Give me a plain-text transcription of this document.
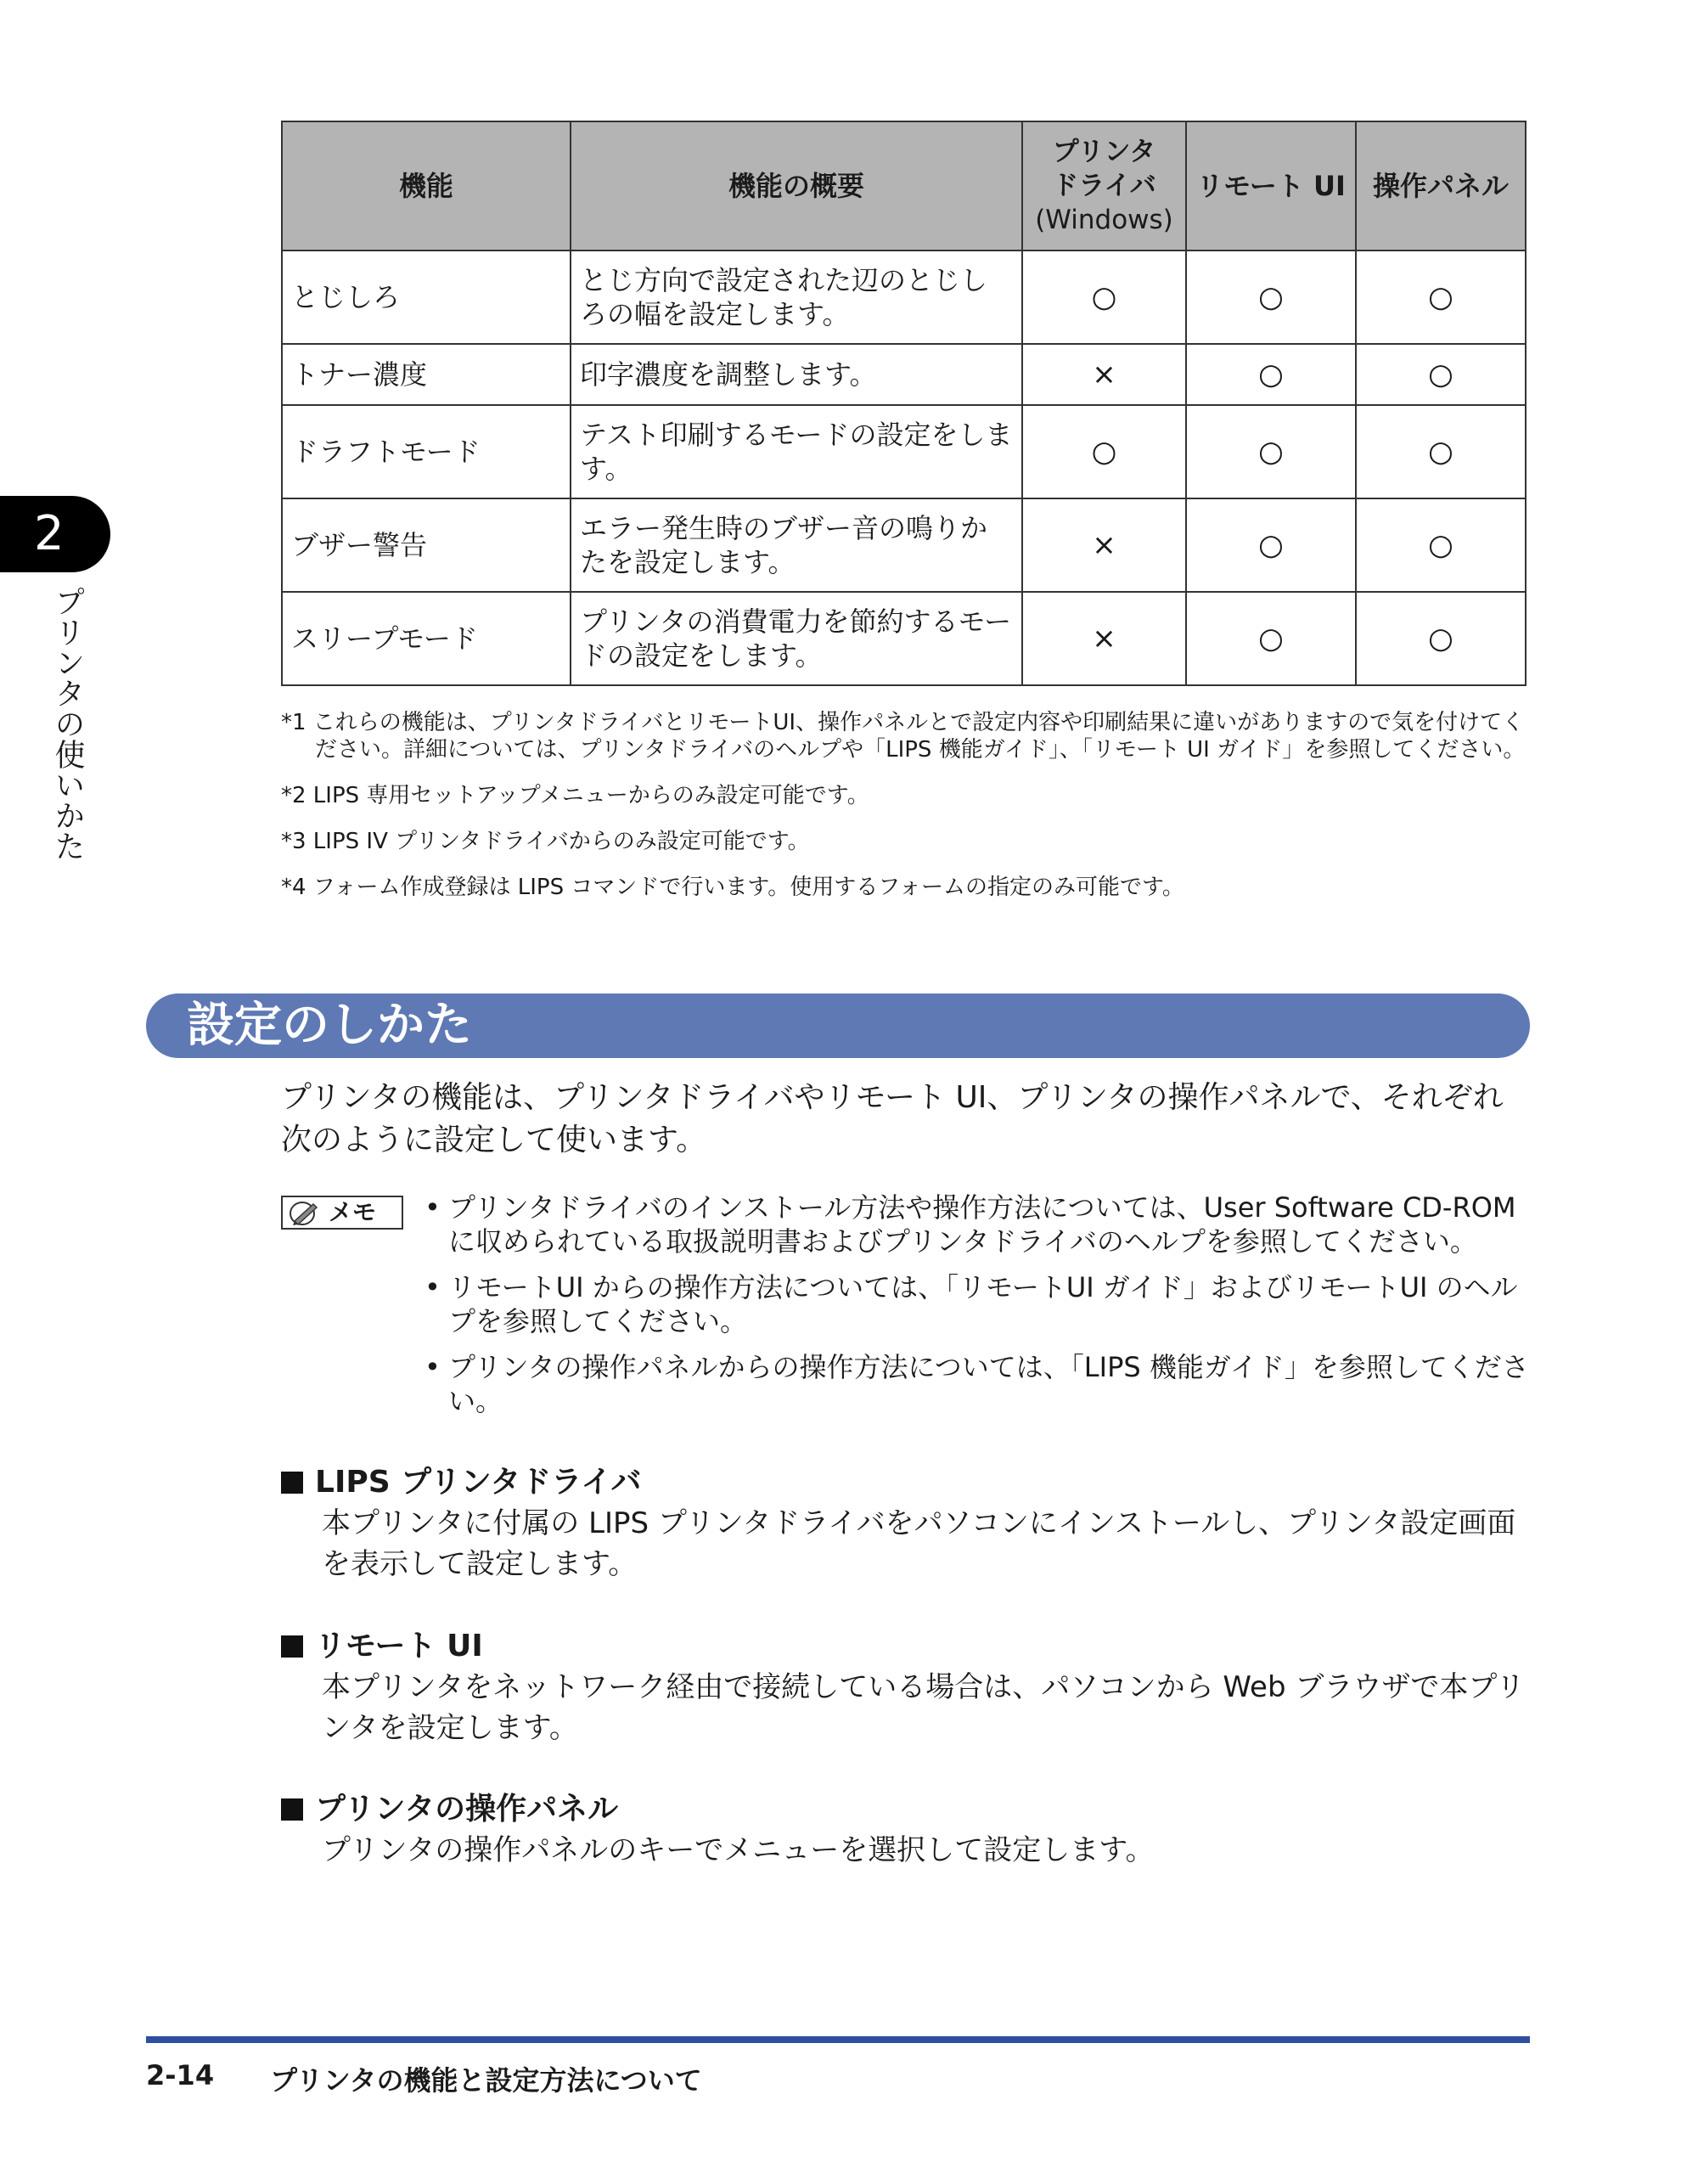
機能	機能の概要	プリンタ
ドライバ
(Windows)	リモート UI	操作パネル
とじしろ	とじ方向で設定された辺のとじしろの幅を設定します。	○	○	○
トナー濃度	印字濃度を調整します。	×	○	○
ドラフトモード	テスト印刷するモードの設定をします。	○	○	○
ブザー警告	エラー発生時のブザー音の鳴りかたを設定します。	×	○	○
スリープモード	プリンタの消費電力を節約するモードの設定をします。	×	○	○
2
プリンタの使いかた	*1 これらの機能は、プリンタドライバとリモートUI、操作パネルとで設定内容や印刷結果に違いがありますので気を付けてください。詳細については、プリンタドライバのヘルプや「LIPS 機能ガイド」、「リモート UI ガイド」を参照してください。
*2 LIPS 専用セットアップメニューからのみ設定可能です。
*3 LIPS IV プリンタドライバからのみ設定可能です。
*4 フォーム作成登録は LIPS コマンドで行います。使用するフォームの指定のみ可能です。
設定のしかた
プリンタの機能は、プリンタドライバやリモート UI、プリンタの操作パネルで、それぞれ次のように設定して使います。
メモ	• プリンタドライバのインストール方法や操作方法については、User Software CD-ROM に収められている取扱説明書およびプリンタドライバのヘルプを参照してください。
• リモートUI からの操作方法については、「リモートUI ガイド」およびリモートUI のヘルプを参照してください。
• プリンタの操作パネルからの操作方法については、「LIPS 機能ガイド」を参照してください。
LIPS プリンタドライバ
本プリンタに付属の LIPS プリンタドライバをパソコンにインストールし、プリンタ設定画面を表示して設定します。
リモート UI
本プリンタをネットワーク経由で接続している場合は、パソコンから Web ブラウザで本プリンタを設定します。
プリンタの操作パネル
プリンタの操作パネルのキーでメニューを選択して設定します。
2-14 プリンタの機能と設定方法について
